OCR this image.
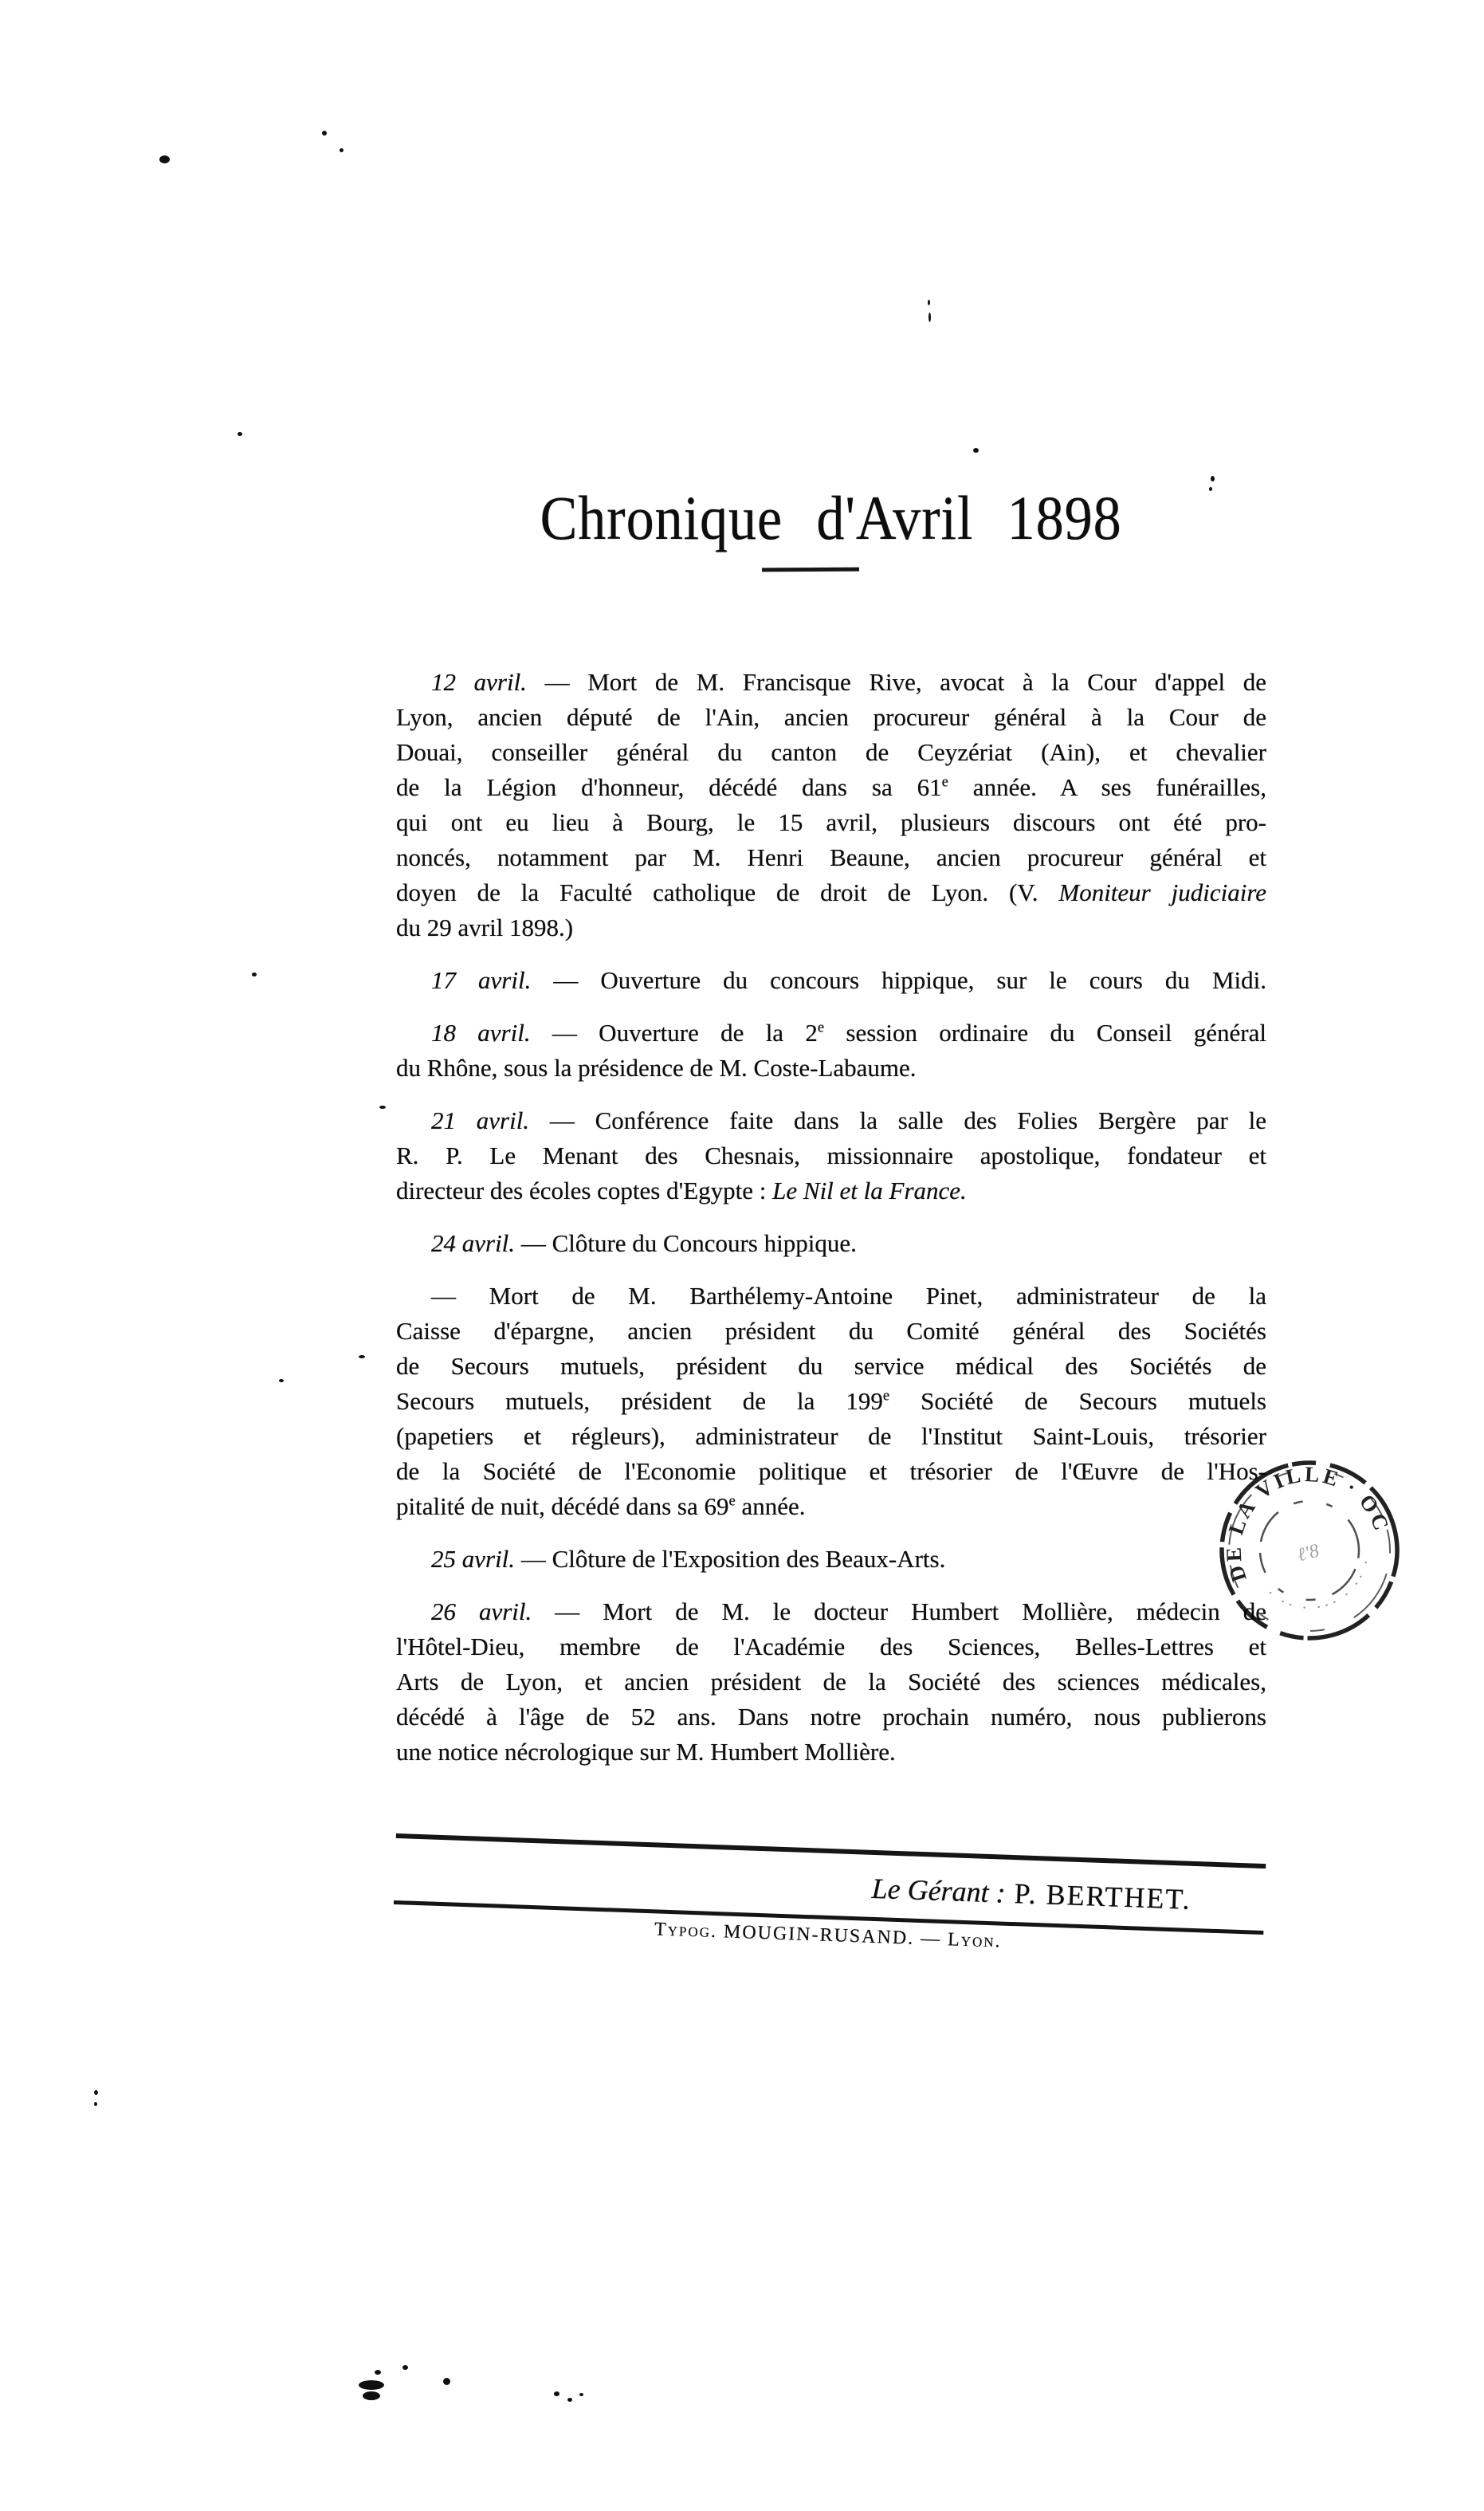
Chronique d'Avril 1898
12 avril. — Mort de M. Francisque Rive, avocat à la Cour d'appel de
Lyon, ancien député de l'Ain, ancien procureur général à la Cour de
Douai, conseiller général du canton de Ceyzériat (Ain), et chevalier
de la Légion d'honneur, décédé dans sa 61e année. A ses funérailles,
qui ont eu lieu à Bourg, le 15 avril, plusieurs discours ont été pro-
noncés, notamment par M. Henri Beaune, ancien procureur général et
doyen de la Faculté catholique de droit de Lyon. (V. Moniteur judiciaire
du 29 avril 1898.)
17 avril. — Ouverture du concours hippique, sur le cours du Midi.
18 avril. — Ouverture de la 2e session ordinaire du Conseil général
du Rhône, sous la présidence de M. Coste-Labaume.
21 avril. — Conférence faite dans la salle des Folies Bergère par le
R. P. Le Menant des Chesnais, missionnaire apostolique, fondateur et
directeur des écoles coptes d'Egypte : Le Nil et la France.
24 avril. — Clôture du Concours hippique.
— Mort de M. Barthélemy-Antoine Pinet, administrateur de la
Caisse d'épargne, ancien président du Comité général des Sociétés
de Secours mutuels, président du service médical des Sociétés de
Secours mutuels, président de la 199e Société de Secours mutuels
(papetiers et régleurs), administrateur de l'Institut Saint-Louis, trésorier
de la Société de l'Economie politique et trésorier de l'Œuvre de l'Hos-
pitalité de nuit, décédé dans sa 69e année.
25 avril. — Clôture de l'Exposition des Beaux-Arts.
26 avril. — Mort de M. le docteur Humbert Mollière, médecin de
l'Hôtel-Dieu, membre de l'Académie des Sciences, Belles-Lettres et
Arts de Lyon, et ancien président de la Société des sciences médicales,
décédé à l'âge de 52 ans. Dans notre prochain numéro, nous publierons
une notice nécrologique sur M. Humbert Mollière.
Le Gérant : P. BERTHET.
Typog. MOUGIN-RUSAND. — Lyon.
DE LA VILLE ∙ OC
· ·· ∙ ··· ∙ ·· ·
ℓ'8
